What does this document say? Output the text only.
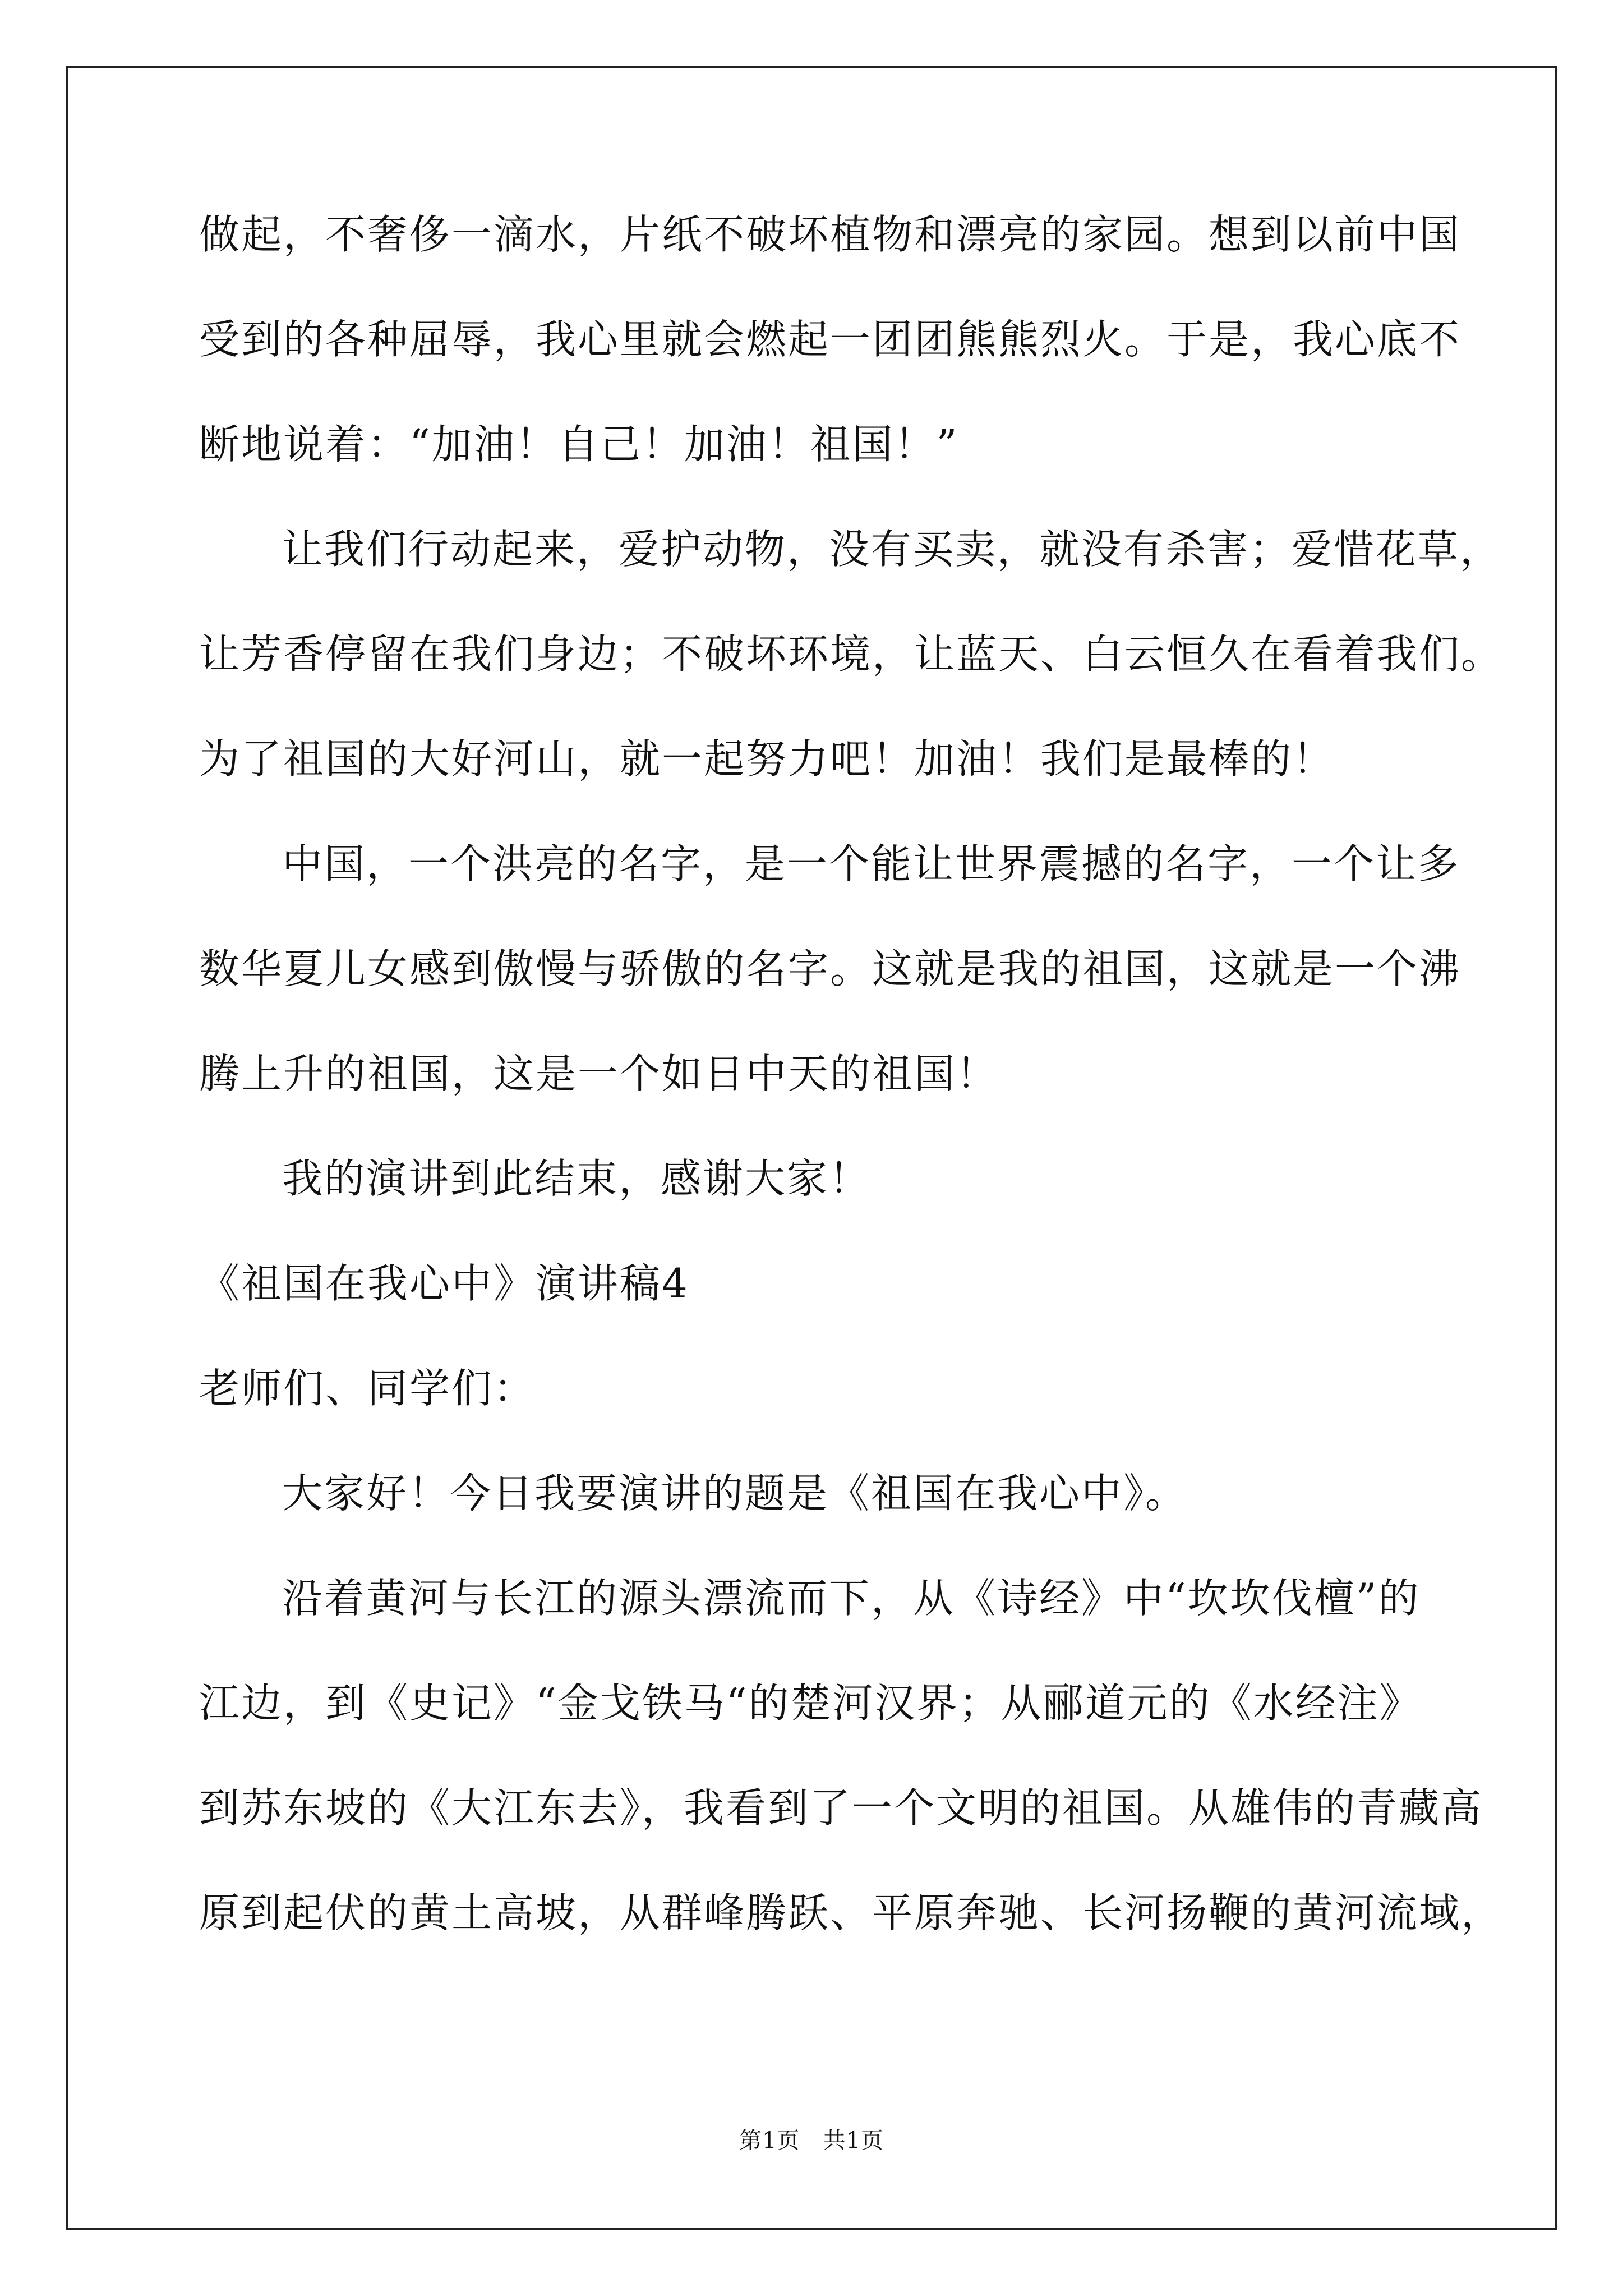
做起，不奢侈一滴水，片纸不破坏植物和漂亮的家园。想到以前中国
受到的各种屈辱，我心里就会燃起一团团熊熊烈火。于是，我心底不
断地说着：“加油！自己！加油！祖国！”
让我们行动起来，爱护动物，没有买卖，就没有杀害；爱惜花草，
让芳香停留在我们身边；不破坏环境，让蓝天、白云恒久在看着我们。
为了祖国的大好河山，就一起努力吧！加油！我们是最棒的！
中国，一个洪亮的名字，是一个能让世界震撼的名字，一个让多
数华夏儿女感到傲慢与骄傲的名字。这就是我的祖国，这就是一个沸
腾上升的祖国，这是一个如日中天的祖国！
我的演讲到此结束，感谢大家！
《祖国在我心中》演讲稿4
老师们、同学们：
大家好！今日我要演讲的题是《祖国在我心中》。
沿着黄河与长江的源头漂流而下，从《诗经》中“坎坎伐檀”的
江边，到《史记》“金戈铁马“的楚河汉界；从郦道元的《水经注》
到苏东坡的《大江东去》，我看到了一个文明的祖国。从雄伟的青藏高
原到起伏的黄土高坡，从群峰腾跃、平原奔驰、长河扬鞭的黄河流域，
第1页　共1页
